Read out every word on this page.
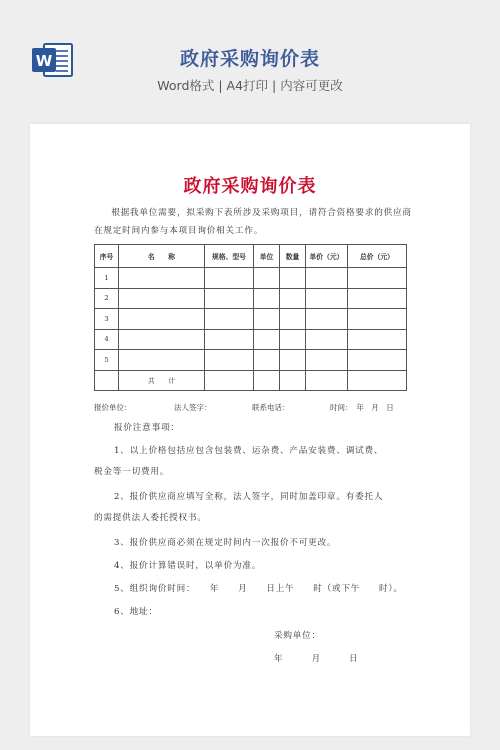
W	政府采购询价表
Word格式 | A4打印 | 内容可更改
政府采购询价表
根据我单位需要，拟采购下表所涉及采购项目，请符合资格要求的供应商在规定时间内参与本项目询价相关工作。
序号	名　　称	规格、型号	单位	数量	单价（元）	总价（元）
1						
2						
3						
4						
5						
	共　　计					
报价单位：	法人签字：	联系电话：	时间：　年　月　日
报价注意事项：
1、以上价格包括应包含包装费、运杂费、产品安装费、调试费、
税金等一切费用。
2、报价供应商应填写全称，法人签字，同时加盖印章。有委托人
的需提供法人委托授权书。
3、报价供应商必须在规定时间内一次报价不可更改。
4、报价计算错误时，以单价为准。
5、组织询价时间：　　年　　月　　日上午　　时（或下午　　时）。
6、地址：
采购单位：
年　　　月　　　日
